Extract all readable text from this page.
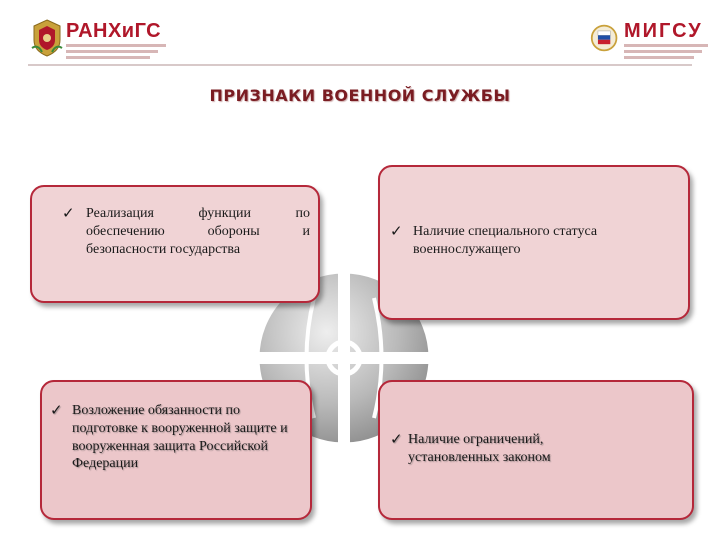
РАНХиГС	МИГСУ
ПРИЗНАКИ ВОЕННОЙ СЛУЖБЫ
✓ Реализация функции по обеспечению обороны и безопасности государства
✓ Наличие специального статуса военнослужащего
✓ Возложение обязанности по подготовке к вооруженной защите и вооруженная защита Российской Федерации
✓ Наличие ограничений, установленных законом
